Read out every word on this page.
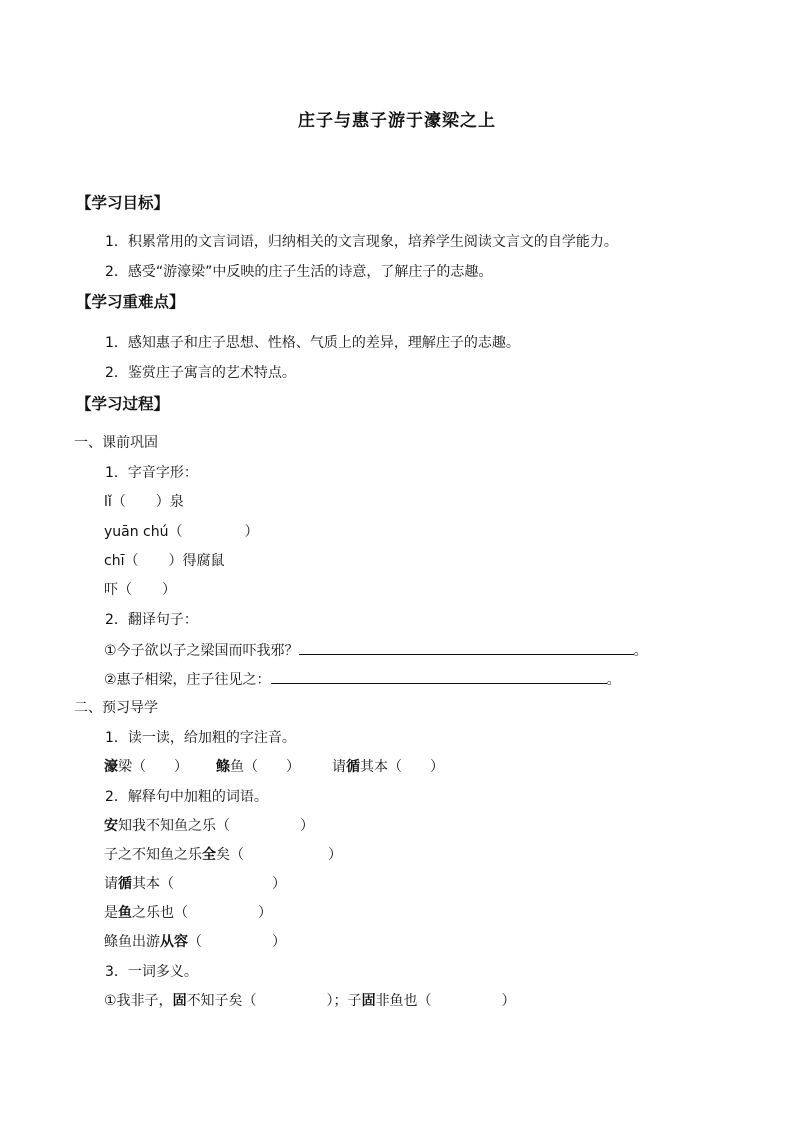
庄子与惠子游于濠梁之上
【学习目标】
1．积累常用的文言词语，归纳相关的文言现象，培养学生阅读文言文的自学能力。
2．感受“游濠梁”中反映的庄子生活的诗意，了解庄子的志趣。
【学习重难点】
1．感知惠子和庄子思想、性格、气质上的差异，理解庄子的志趣。
2．鉴赏庄子寓言的艺术特点。
【学习过程】
一、课前巩固
1．字音字形：
lǐ（ ）泉
yuān chú（	）
chī（ ）得腐鼠
吓（ ）
2．翻译句子：
①今子欲以子之梁国而吓我邪？	。
②惠子相梁，庄子往见之：	。
二、预习导学
1．读一读，给加粗的字注音。
濠梁（　　） 鲦鱼（　　） 请循其本（　　）
2．解释句中加粗的词语。
安知我不知鱼之乐（　　　　　）
子之不知鱼之乐全矣（　　　　　　）
请循其本（　　　　　　　）
是鱼之乐也（　　　　　）
鲦鱼出游从容（　　　　　）
3．一词多义。
①我非子，固不知子矣（　　　　　）；子固非鱼也（　　　　　）
